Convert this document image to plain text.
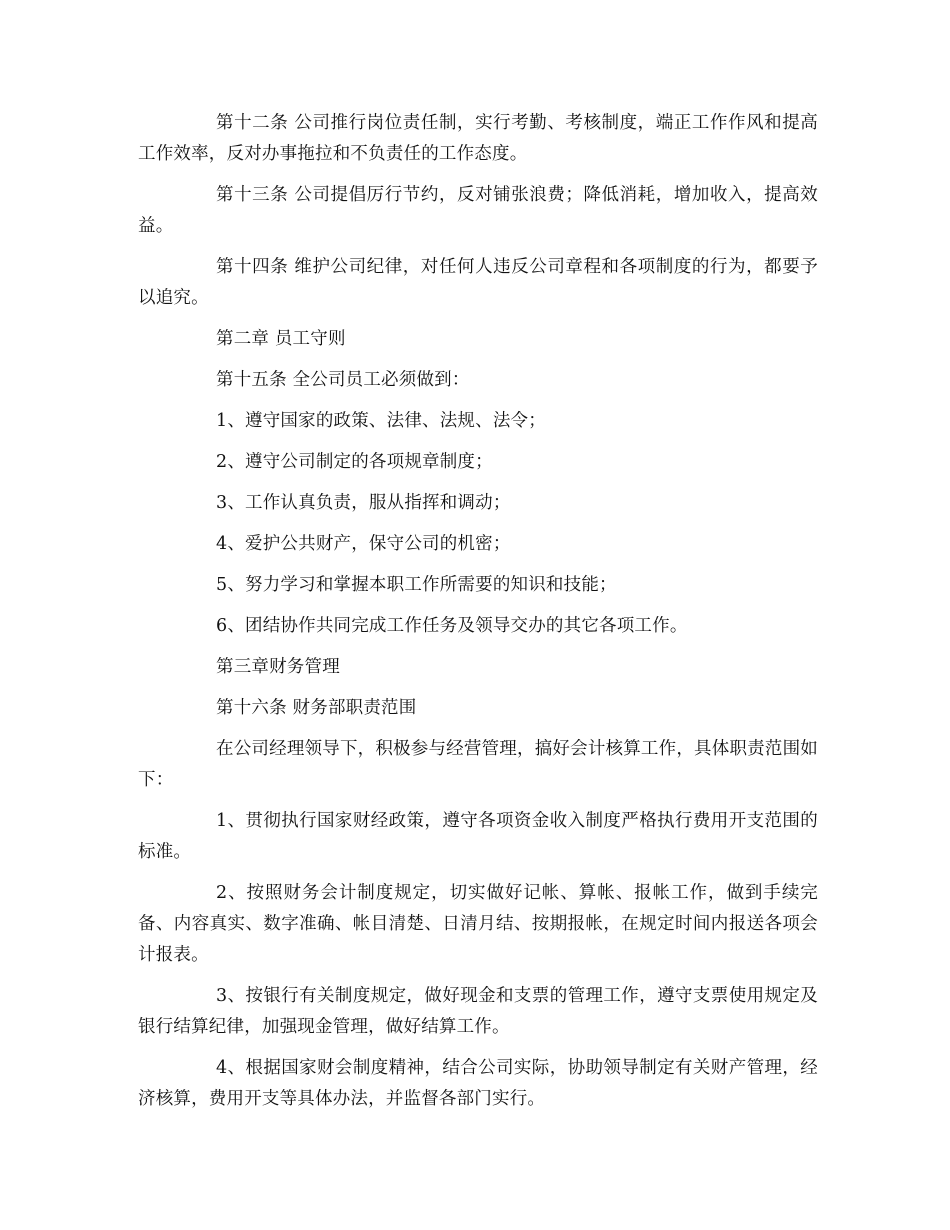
第十二条 公司推行岗位责任制，实行考勤、考核制度，端正工作作风和提高工作效率，反对办事拖拉和不负责任的工作态度。

第十三条 公司提倡厉行节约，反对铺张浪费；降低消耗，增加收入，提高效益。

第十四条 维护公司纪律，对任何人违反公司章程和各项制度的行为，都要予以追究。

第二章 员工守则

第十五条 全公司员工必须做到：

1、遵守国家的政策、法律、法规、法令；

2、遵守公司制定的各项规章制度；

3、工作认真负责，服从指挥和调动；

4、爱护公共财产，保守公司的机密；

5、努力学习和掌握本职工作所需要的知识和技能；

6、团结协作共同完成工作任务及领导交办的其它各项工作。

第三章财务管理

第十六条 财务部职责范围

在公司经理领导下，积极参与经营管理，搞好会计核算工作，具体职责范围如下：

1、贯彻执行国家财经政策，遵守各项资金收入制度严格执行费用开支范围的标准。

2、按照财务会计制度规定，切实做好记帐、算帐、报帐工作，做到手续完备、内容真实、数字准确、帐目清楚、日清月结、按期报帐，在规定时间内报送各项会计报表。

3、按银行有关制度规定，做好现金和支票的管理工作，遵守支票使用规定及银行结算纪律，加强现金管理，做好结算工作。

4、根据国家财会制度精神，结合公司实际，协助领导制定有关财产管理，经济核算，费用开支等具体办法，并监督各部门实行。
